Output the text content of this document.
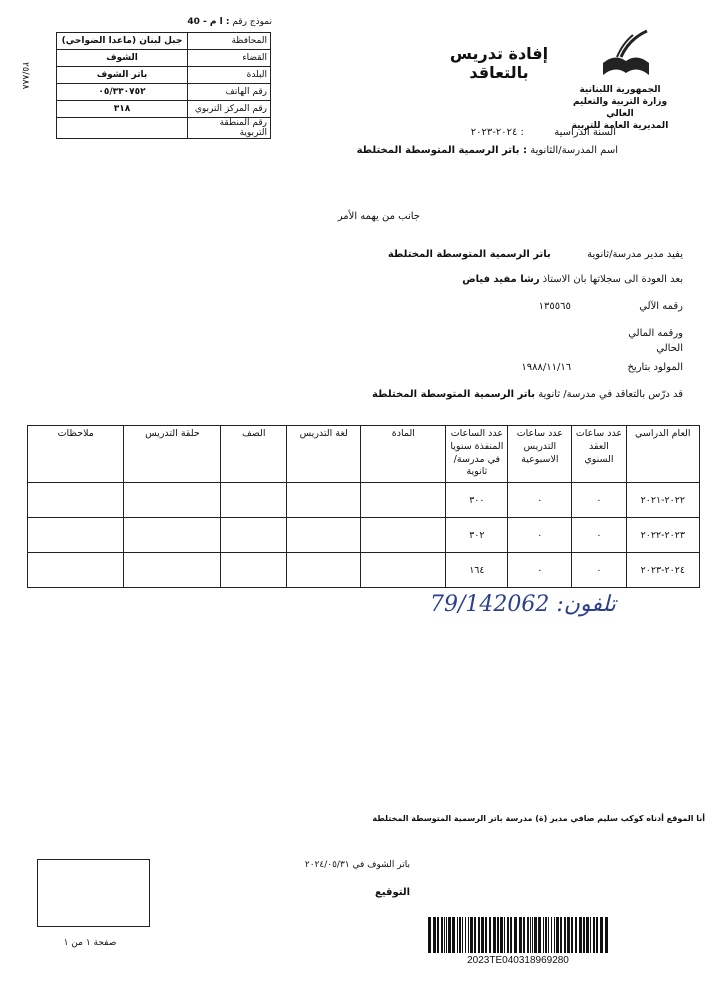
نموذج رقم : ا م - 40
المحافظة	جبل لبنان (ماعدا الضواحي)
القضاء	الشوف
البلدة	باتر الشوف
رقم الهاتف	٠٥/٣٣٠٧٥٢
رقم المركز التربوي	٣١٨
رقم المنطقة التربوية	
٢٥/٨٨٨
إفادة تدريس بالتعاقد
الجمهورية اللبنانية
وزارة التربية والتعليم العالي
المديرية العامة للتربية
السنة الدراسية  : ٢٠٢٤-٢٠٢٣
اسم المدرسة/الثانوية : باتر الرسمية المتوسطة المختلطة
جانب من يهمه الأمر
يفيد مدير مدرسة/ثانوية  باتر الرسمية المتوسطة المختلطة
بعد العودة الى سجلاتها بان الاستاذ رشا مفيد فياض
رقمه الآلي  ١٣٥٥٦٥
ورقمه المالي
الحالي
المولود بتاريخ  ١٩٨٨/١١/١٦
قد درّس بالتعاقد في مدرسة/ ثانوية باتر الرسمية المتوسطة المختلطة
العام الدراسي	عدد ساعات العقد السنوي	عدد ساعات التدريس الاسبوعية	عدد الساعات المنفذة سنويا في مدرسة/ثانوية	المادة	لغة التدريس	الصف	حلقة التدريس	ملاحظات
٢٠٢٢-٢٠٢١	٠	٠	٣٠٠					
٢٠٢٣-٢٠٢٢	٠	٠	٣٠٢					
٢٠٢٤-٢٠٢٣	٠	٠	١٦٤					
تلفون: 79/142062
أنا الموقع أدناه كوكب سليم صافي مدير (ة) مدرسة باتر الرسمية المتوسطة المختلطة
باتر الشوف في ٢٠٢٤/٠٥/٣١
التوقيع
صفحة ١ من ١
2023TE040318969280
